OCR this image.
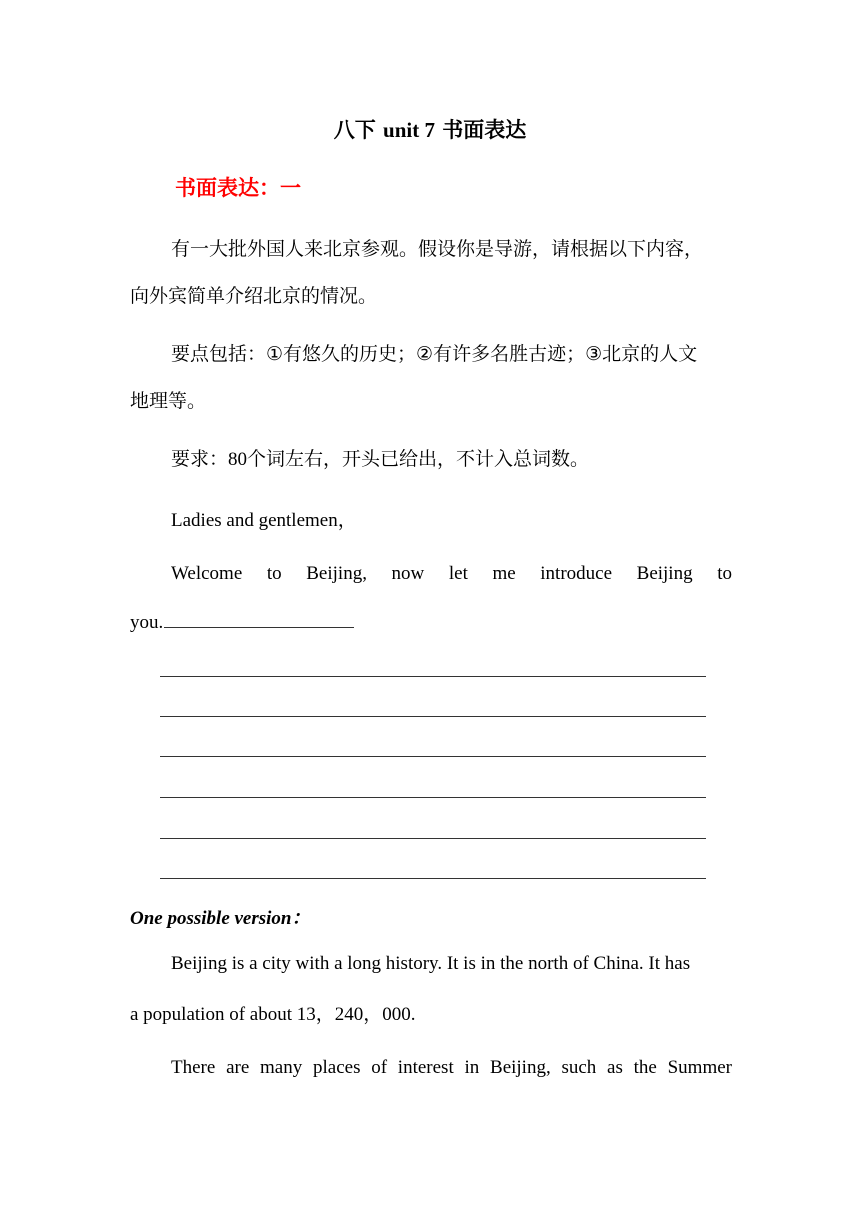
八下 unit 7 书面表达
书面表达：一
有一大批外国人来北京参观。假设你是导游，请根据以下内容，
向外宾简单介绍北京的情况。
要点包括：①有悠久的历史；②有许多名胜古迹；③北京的人文
地理等。
要求：80个词左右，开头已给出，不计入总词数。
Ladies and gentlemen，
Welcome to Beijing, now let me introduce Beijing to
you.
One possible version：
Beijing is a city with a long history. It is in the north of China. It has
a population of about 13，240，000.
There are many places of interest in Beijing, such as the Summer
